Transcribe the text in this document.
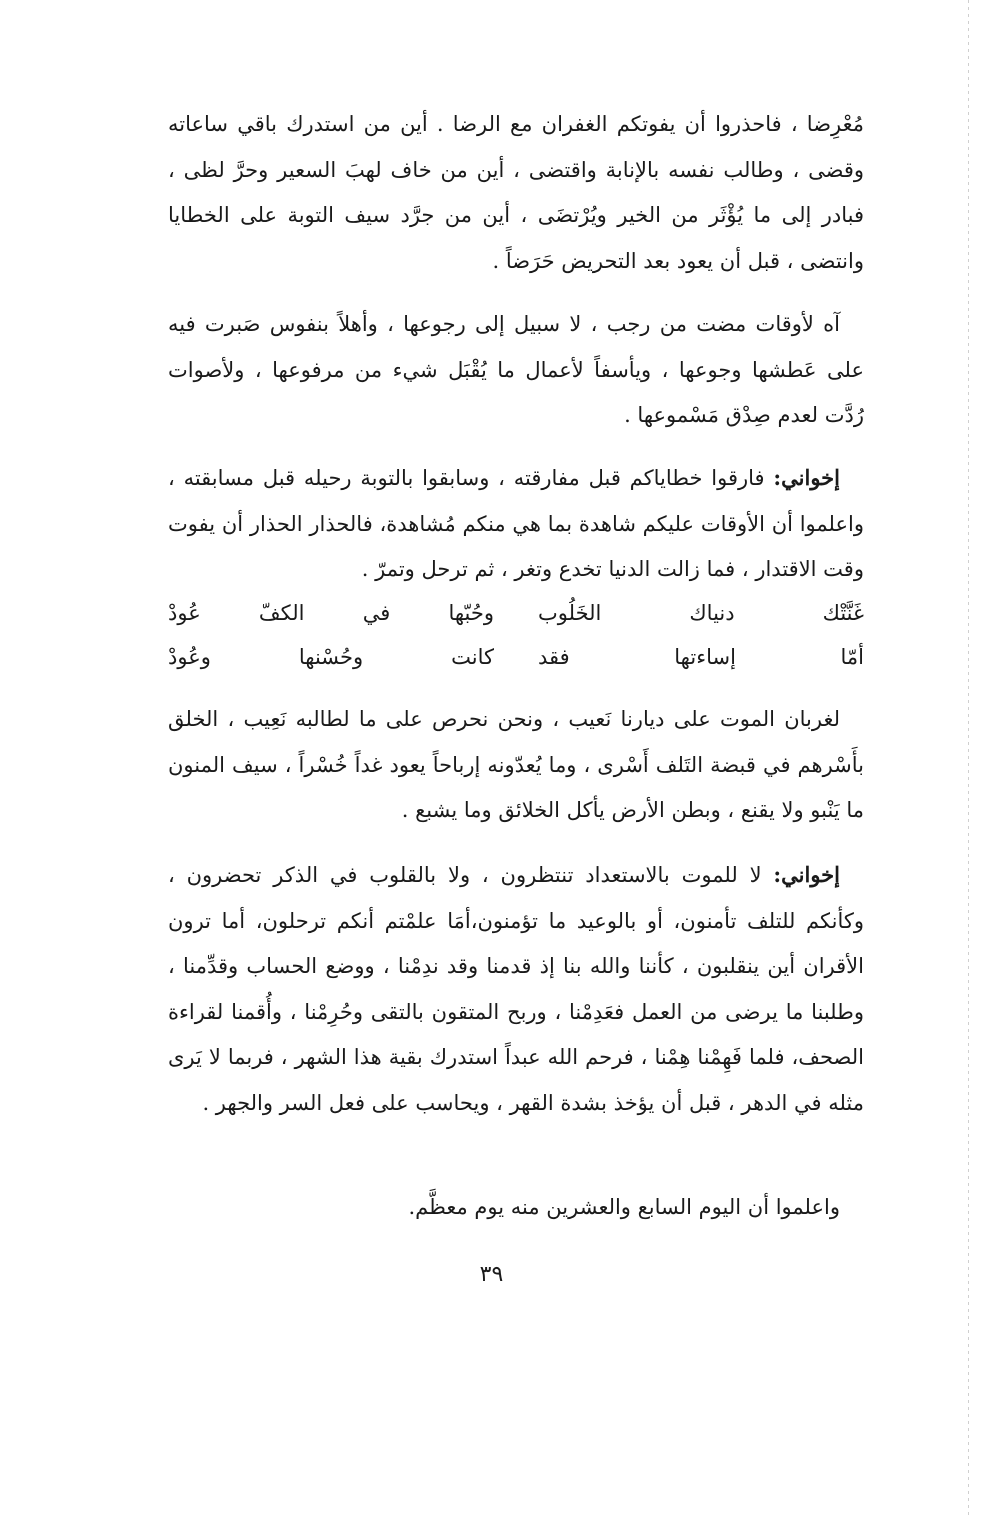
مُعْرِضا ، فاحذروا أن يفوتكم الغفران مع الرضا . أين من استدرك باقي ساعاته وقضى ، وطالب نفسه بالإنابة واقتضى ، أين من خاف لهبَ السعير وحرَّ لظى ، فبادر إلى ما يُؤْثَر من الخير ويُرْتضَى ، أين من جرَّد سيف التوبة على الخطايا وانتضى ، قبل أن يعود بعد التحريض حَرَضاً .

آه لأوقات مضت من رجب ، لا سبيل إلى رجوعها ، وأهلاً بنفوس صَبرت فيه على عَطشها وجوعها ، ويأسفاً لأعمال ما يُقْبَل شيء من مرفوعها ، ولأصوات رُدَّت لعدم صِدْق مَسْموعها .

إخواني: فارقوا خطاياكم قبل مفارقته ، وسابقوا بالتوبة رحيله قبل مسابقته ، واعلموا أن الأوقات عليكم شاهدة بما هي منكم مُشاهدة، فالحذار الحذار أن يفوت وقت الاقتدار ، فما زالت الدنيا تخدع وتغر ، ثم ترحل وتمرّ .

غَنَّتْك دنياك الخَلُوب
وحُبّها في الكفّ عُودْ
أمّا إساءتها فقد
كانت وحُسْنها وعُودْ

لغربان الموت على ديارنا نَعيب ، ونحن نحرص على ما لطالبه نَعِيب ، الخلق بأَسْرهم في قبضة التَلف أَسْرى ، وما يُعدّونه إرباحاً يعود غداً خُسْراً ، سيف المنون ما يَنْبو ولا يقنع ، وبطن الأرض يأكل الخلائق وما يشبع .

إخواني: لا للموت بالاستعداد تنتظرون ، ولا بالقلوب في الذكر تحضرون ، وكأنكم للتلف تأمنون، أو بالوعيد ما تؤمنون،أمَا علمْتم أنكم ترحلون، أما ترون الأقران أين ينقلبون ، كأننا والله بنا إذ قدمنا وقد ندِمْنا ، ووضع الحساب وقدِّمنا ، وطلبنا ما يرضى من العمل فعَدِمْنا ، وربح المتقون بالتقى وحُرِمْنا ، وأُقمنا لقراءة الصحف، فلما فَهِمْنا هِمْنا ، فرحم الله عبداً استدرك بقية هذا الشهر ، فربما لا يَرى مثله في الدهر ، قبل أن يؤخذ بشدة القهر ، ويحاسب على فعل السر والجهر .

واعلموا أن اليوم السابع والعشرين منه يوم معظَّم.

٣٩
